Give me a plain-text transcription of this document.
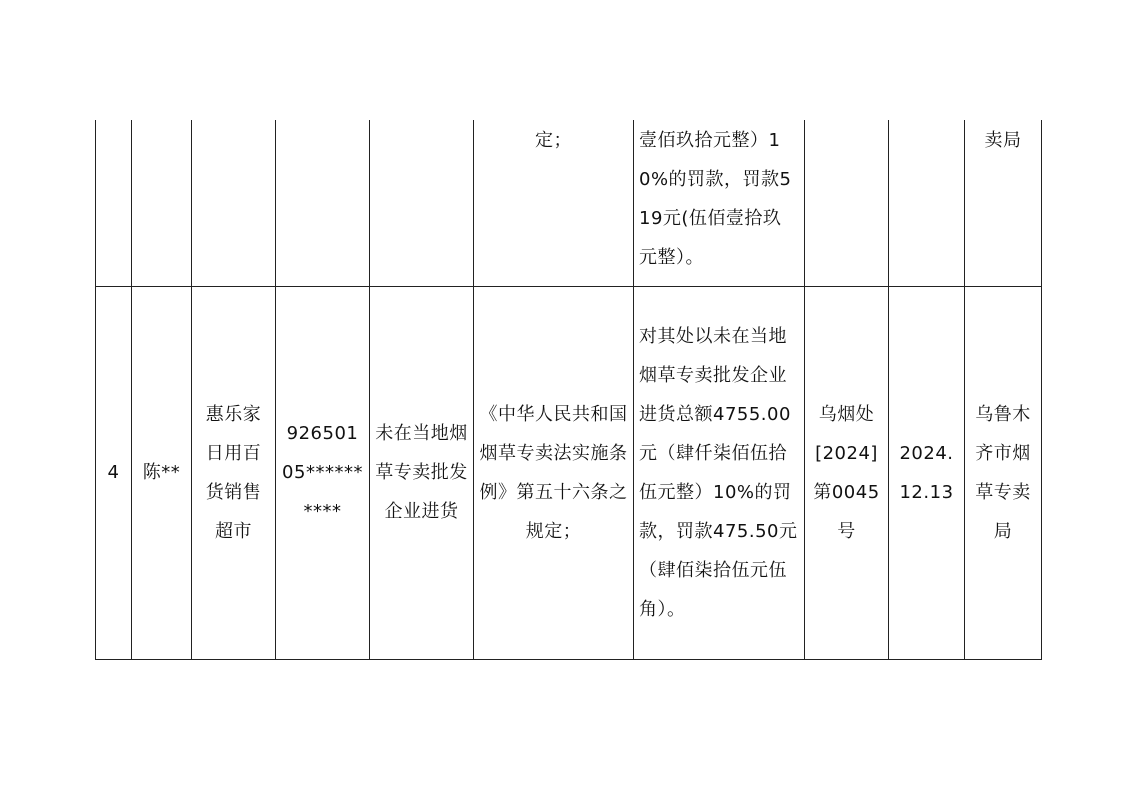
					定；	壹佰玖拾元整）10%的罚款，罚款519元(伍佰壹拾玖元整）。			卖局

4	陈**	惠乐家日用百货销售超市	92650105**********	未在当地烟草专卖批发企业进货	《中华人民共和国烟草专卖法实施条例》第五十六条之规定；	对其处以未在当地烟草专卖批发企业进货总额4755.00元（肆仟柒佰伍拾伍元整）10%的罚款，罚款475.50元（肆佰柒拾伍元伍角）。	乌烟处[2024]第0045号	2024.12.13	乌鲁木齐市烟草专卖局
